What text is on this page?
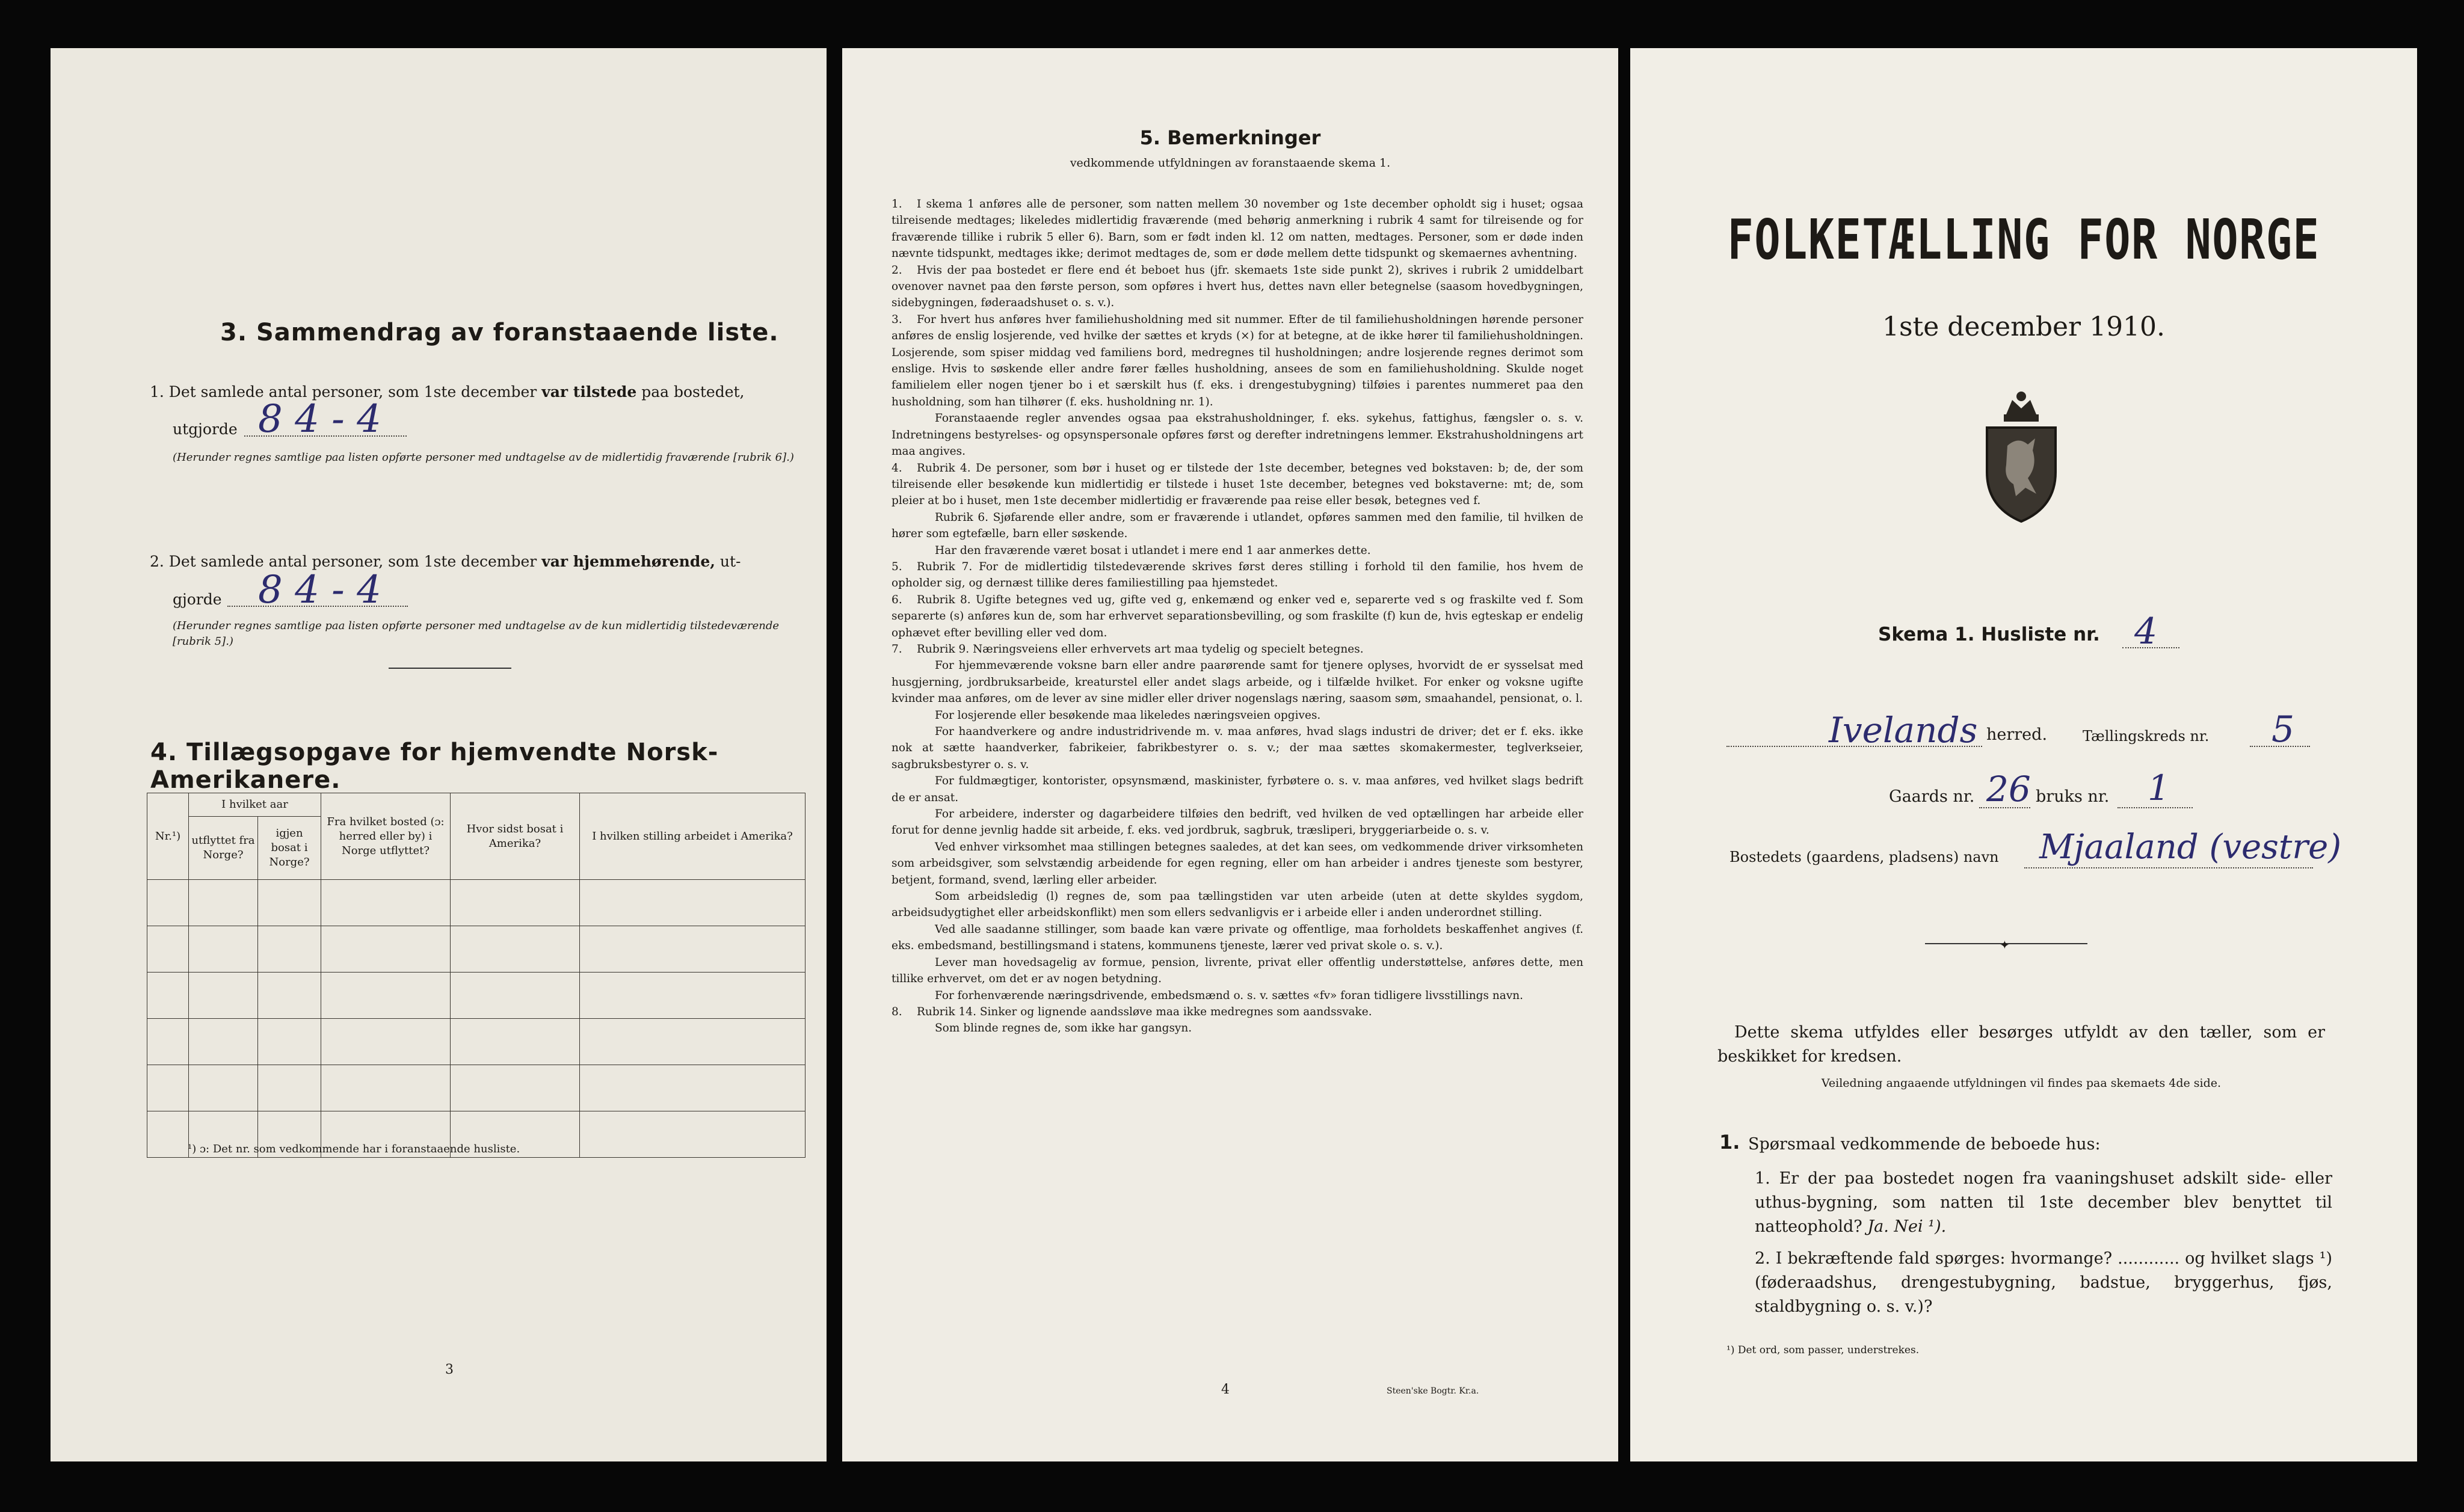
3. Sammendrag av foranstaaende liste.
1. Det samlede antal personer, som 1ste december var tilstede paa bostedet,
utgjorde 8 4 - 4
(Herunder regnes samtlige paa listen opførte personer med undtagelse av de midlertidig fraværende [rubrik 6].)
2. Det samlede antal personer, som 1ste december var hjemmehørende, ut-
gjorde 8 4 - 4
(Herunder regnes samtlige paa listen opførte personer med undtagelse av de kun midlertidig tilstedeværende [rubrik 5].)
4. Tillægsopgave for hjemvendte Norsk-Amerikanere.
Nr.¹)	I hvilket aar		Fra hvilket bosted (ɔ: herred eller by) i Norge utflyttet?	Hvor sidst bosat i Amerika?	I hvilken stilling arbeidet i Amerika?
	utflyttet fra Norge?	igjen bosat i Norge?			

¹) ɔ: Det nr. som vedkommende har i foranstaaende husliste.
3
5. Bemerkninger
vedkommende utfyldningen av foranstaaende skema 1.
1. I skema 1 anføres alle de personer, som natten mellem 30 november og 1ste december opholdt sig i huset; ogsaa tilreisende medtages; likeledes midlertidig fraværende (med behørig anmerkning i rubrik 4 samt for tilreisende og for fraværende tillike i rubrik 5 eller 6). Barn, som er født inden kl. 12 om natten, medtages. Personer, som er døde inden nævnte tidspunkt, medtages ikke; derimot medtages de, som er døde mellem dette tidspunkt og skemaernes avhentning.
2. Hvis der paa bostedet er flere end ét beboet hus (jfr. skemaets 1ste side punkt 2), skrives i rubrik 2 umiddelbart ovenover navnet paa den første person, som opføres i hvert hus, dettes navn eller betegnelse (saasom hovedbygningen, sidebygningen, føderaadshuset o. s. v.).
3. For hvert hus anføres hver familiehusholdning med sit nummer. Efter de til familiehusholdningen hørende personer anføres de enslig losjerende, ved hvilke der sættes et kryds (×) for at betegne, at de ikke hører til familiehusholdningen. Losjerende, som spiser middag ved familiens bord, medregnes til husholdningen; andre losjerende regnes derimot som enslige. Hvis to søskende eller andre fører fælles husholdning, ansees de som en familiehusholdning. Skulde noget familielem eller nogen tjener bo i et særskilt hus (f. eks. i drengestubygning) tilføies i parentes nummeret paa den husholdning, som han tilhører (f. eks. husholdning nr. 1).
Foranstaaende regler anvendes ogsaa paa ekstrahusholdninger, f. eks. sykehus, fattighus, fængsler o. s. v. Indretningens bestyrelses- og opsynspersonale opføres først og derefter indretningens lemmer. Ekstrahusholdningens art maa angives.
4. Rubrik 4. De personer, som bør i huset og er tilstede der 1ste december, betegnes ved bokstaven: b; de, der som tilreisende eller besøkende kun midlertidig er tilstede i huset 1ste december, betegnes ved bokstaverne: mt; de, som pleier at bo i huset, men 1ste december midlertidig er fraværende paa reise eller besøk, betegnes ved f.
Rubrik 6. Sjøfarende eller andre, som er fraværende i utlandet, opføres sammen med den familie, til hvilken de hører som egtefælle, barn eller søskende.
Har den fraværende været bosat i utlandet i mere end 1 aar anmerkes dette.
5. Rubrik 7. For de midlertidig tilstedeværende skrives først deres stilling i forhold til den familie, hos hvem de opholder sig, og dernæst tillike deres familiestilling paa hjemstedet.
6. Rubrik 8. Ugifte betegnes ved ug, gifte ved g, enkemænd og enker ved e, separerte ved s og fraskilte ved f. Som separerte (s) anføres kun de, som har erhvervet separationsbevilling, og som fraskilte (f) kun de, hvis egteskap er endelig ophævet efter bevilling eller ved dom.
7. Rubrik 9. Næringsveiens eller erhvervets art maa tydelig og specielt betegnes.
For hjemmeværende voksne barn eller andre paarørende samt for tjenere oplyses, hvorvidt de er sysselsat med husgjerning, jordbruksarbeide, kreaturstel eller andet slags arbeide, og i tilfælde hvilket. For enker og voksne ugifte kvinder maa anføres, om de lever av sine midler eller driver nogenslags næring, saasom søm, smaahandel, pensionat, o. l.
For losjerende eller besøkende maa likeledes næringsveien opgives.
For haandverkere og andre industridrivende m. v. maa anføres, hvad slags industri de driver; det er f. eks. ikke nok at sætte haandverker, fabrikeier, fabrikbestyrer o. s. v.; der maa sættes skomakermester, teglverkseier, sagbruksbestyrer o. s. v.
For fuldmægtiger, kontorister, opsynsmænd, maskinister, fyrbøtere o. s. v. maa anføres, ved hvilket slags bedrift de er ansat.
For arbeidere, inderster og dagarbeidere tilføies den bedrift, ved hvilken de ved optællingen har arbeide eller forut for denne jevnlig hadde sit arbeide, f. eks. ved jordbruk, sagbruk, træsliperi, bryggeriarbeide o. s. v.
Ved enhver virksomhet maa stillingen betegnes saaledes, at det kan sees, om vedkommende driver virksomheten som arbeidsgiver, som selvstændig arbeidende for egen regning, eller om han arbeider i andres tjeneste som bestyrer, betjent, formand, svend, lærling eller arbeider.
Som arbeidsledig (l) regnes de, som paa tællingstiden var uten arbeide (uten at dette skyldes sygdom, arbeidsudygtighet eller arbeidskonflikt) men som ellers sedvanligvis er i arbeide eller i anden underordnet stilling.
Ved alle saadanne stillinger, som baade kan være private og offentlige, maa forholdets beskaffenhet angives (f. eks. embedsmand, bestillingsmand i statens, kommunens tjeneste, lærer ved privat skole o. s. v.).
Lever man hovedsagelig av formue, pension, livrente, privat eller offentlig understøttelse, anføres dette, men tillike erhvervet, om det er av nogen betydning.
For forhenværende næringsdrivende, embedsmænd o. s. v. sættes «fv» foran tidligere livsstillings navn.
8. Rubrik 14. Sinker og lignende aandssløve maa ikke medregnes som aandssvake.
Som blinde regnes de, som ikke har gangsyn.
4	Steen'ske Bogtr. Kr.a.
FOLKETÆLLING FOR NORGE
1ste december 1910.
Skema 1. Husliste nr. 4
Ivelands herred. Tællingskreds nr. 5
Gaards nr. 26 bruks nr. 1
Bostedets (gaardens, pladsens) navn Mjaaland (vestre)
✦
Dette skema utfyldes eller besørges utfyldt av den tæller, som er beskikket for kredsen.
Veiledning angaaende utfyldningen vil findes paa skemaets 4de side.
1. Spørsmaal vedkommende de beboede hus:
1. Er der paa bostedet nogen fra vaaningshuset adskilt side- eller uthus-bygning, som natten til 1ste december blev benyttet til natteophold? Ja. Nei ¹).
2. I bekræftende fald spørges: hvormange? ............ og hvilket slags ¹) (føderaadshus, drengestubygning, badstue, bryggerhus, fjøs, staldbygning o. s. v.)?
¹) Det ord, som passer, understrekes.
